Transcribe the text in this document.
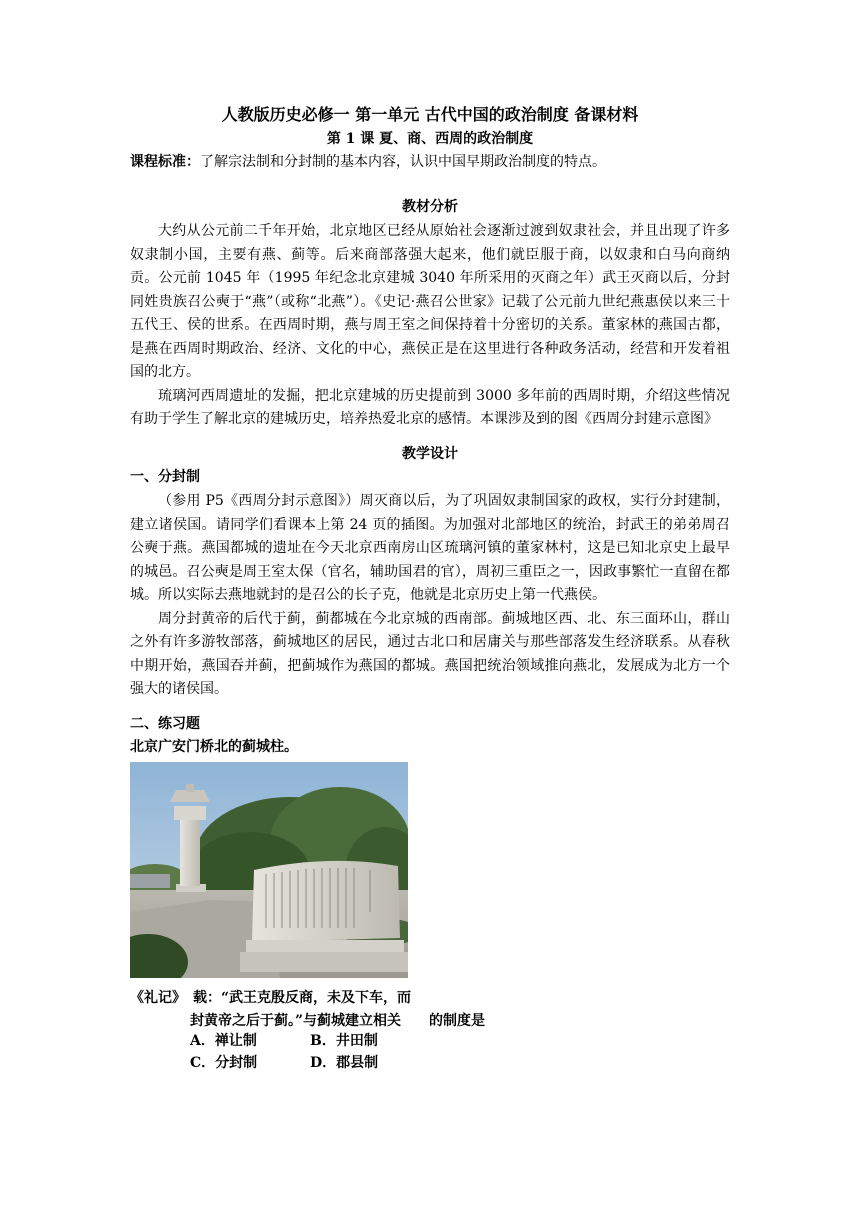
人教版历史必修一 第一单元 古代中国的政治制度 备课材料
第 1 课 夏、商、西周的政治制度
课程标准：了解宗法制和分封制的基本内容，认识中国早期政治制度的特点。
教材分析

大约从公元前二千年开始，北京地区已经从原始社会逐渐过渡到奴隶社会，并且出现了许多奴隶制小国，主要有燕、蓟等。后来商部落强大起来，他们就臣服于商，以奴隶和白马向商纳贡。公元前 1045 年（1995 年纪念北京建城 3040 年所采用的灭商之年）武王灭商以后，分封同姓贵族召公奭于“燕”（或称“北燕”）。《史记·燕召公世家》记载了公元前九世纪燕惠侯以来三十五代王、侯的世系。在西周时期，燕与周王室之间保持着十分密切的关系。董家林的燕国古都，是燕在西周时期政治、经济、文化的中心，燕侯正是在这里进行各种政务活动，经营和开发着祖国的北方。

琉璃河西周遗址的发掘，把北京建城的历史提前到 3000 多年前的西周时期，介绍这些情况有助于学生了解北京的建城历史，培养热爱北京的感情。本课涉及到的图《西周分封建示意图》

教学设计
一、分封制

（参用 P5《西周分封示意图》）周灭商以后，为了巩固奴隶制国家的政权，实行分封建制，建立诸侯国。请同学们看课本上第 24 页的插图。为加强对北部地区的统治，封武王的弟弟周召公奭于燕。燕国都城的遗址在今天北京西南房山区琉璃河镇的董家林村，这是已知北京史上最早的城邑。召公奭是周王室太保（官名，辅助国君的官），周初三重臣之一，因政事繁忙一直留在都城。所以实际去燕地就封的是召公的长子克，他就是北京历史上第一代燕侯。

周分封黄帝的后代于蓟，蓟都城在今北京城的西南部。蓟城地区西、北、东三面环山，群山之外有许多游牧部落，蓟城地区的居民，通过古北口和居庸关与那些部落发生经济联系。从春秋中期开始，燕国吞并蓟，把蓟城作为燕国的都城。燕国把统治领域推向燕北，发展成为北方一个强大的诸侯国。

二、练习题
北京广安门桥北的蓟城柱。
《礼记》　载：“武王克殷反商，未及下车，而
封黄帝之后于蓟。”与蓟城建立相关　　的制度是
A．禅让制	B．井田制
C．分封制	D．郡县制
